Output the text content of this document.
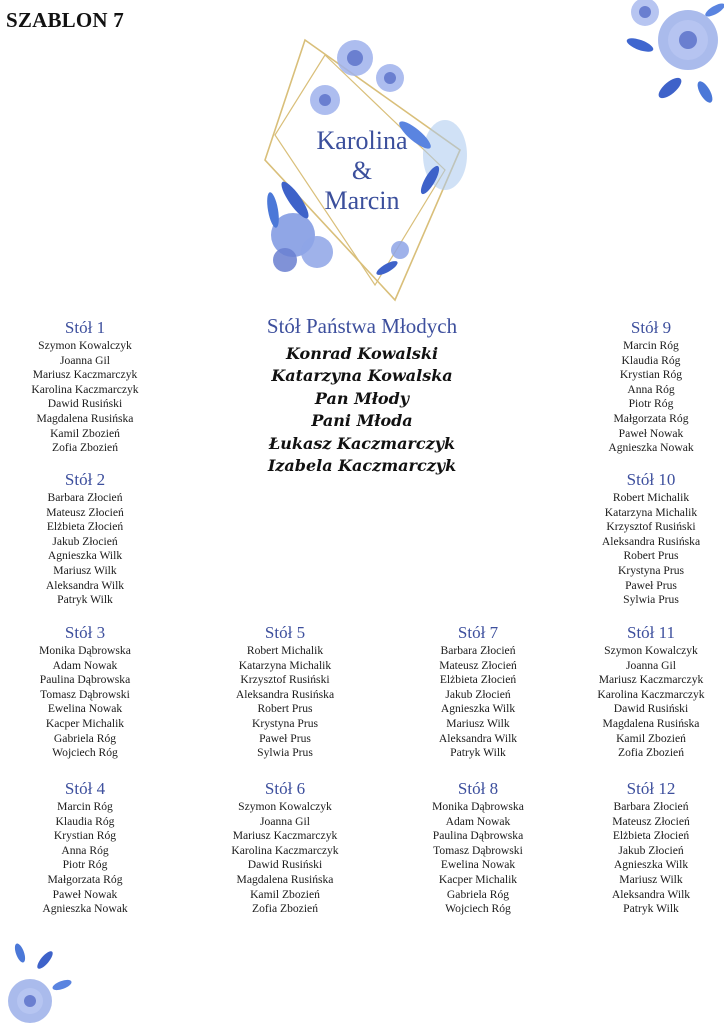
SZABLON 7
Karolina
&
Marcin
Stół Państwa Młodych
Konrad Kowalski
Katarzyna Kowalska
Pan Młody
Pani Młoda
Łukasz Kaczmarczyk
Izabela Kaczmarczyk
Stół 1
Szymon Kowalczyk
Joanna Gil
Mariusz Kaczmarczyk
Karolina Kaczmarczyk
Dawid Rusiński
Magdalena Rusińska
Kamil Zbozień
Zofia Zbozień
Stół 2
Barbara Złocień
Mateusz Złocień
Elżbieta Złocień
Jakub Złocień
Agnieszka Wilk
Mariusz Wilk
Aleksandra Wilk
Patryk Wilk
Stół 3
Monika Dąbrowska
Adam Nowak
Paulina Dąbrowska
Tomasz Dąbrowski
Ewelina Nowak
Kacper Michalik
Gabriela Róg
Wojciech Róg
Stół 4
Marcin Róg
Klaudia Róg
Krystian Róg
Anna Róg
Piotr Róg
Małgorzata Róg
Paweł Nowak
Agnieszka Nowak
Stół 5
Robert Michalik
Katarzyna Michalik
Krzysztof Rusiński
Aleksandra Rusińska
Robert Prus
Krystyna Prus
Paweł Prus
Sylwia Prus
Stół 6
Szymon Kowalczyk
Joanna Gil
Mariusz Kaczmarczyk
Karolina Kaczmarczyk
Dawid Rusiński
Magdalena Rusińska
Kamil Zbozień
Zofia Zbozień
Stół 7
Barbara Złocień
Mateusz Złocień
Elżbieta Złocień
Jakub Złocień
Agnieszka Wilk
Mariusz Wilk
Aleksandra Wilk
Patryk Wilk
Stół 8
Monika Dąbrowska
Adam Nowak
Paulina Dąbrowska
Tomasz Dąbrowski
Ewelina Nowak
Kacper Michalik
Gabriela Róg
Wojciech Róg
Stół 9
Marcin Róg
Klaudia Róg
Krystian Róg
Anna Róg
Piotr Róg
Małgorzata Róg
Paweł Nowak
Agnieszka Nowak
Stół 10
Robert Michalik
Katarzyna Michalik
Krzysztof Rusiński
Aleksandra Rusińska
Robert Prus
Krystyna Prus
Paweł Prus
Sylwia Prus
Stół 11
Szymon Kowalczyk
Joanna Gil
Mariusz Kaczmarczyk
Karolina Kaczmarczyk
Dawid Rusiński
Magdalena Rusińska
Kamil Zbozień
Zofia Zbozień
Stół 12
Barbara Złocień
Mateusz Złocień
Elżbieta Złocień
Jakub Złocień
Agnieszka Wilk
Mariusz Wilk
Aleksandra Wilk
Patryk Wilk
